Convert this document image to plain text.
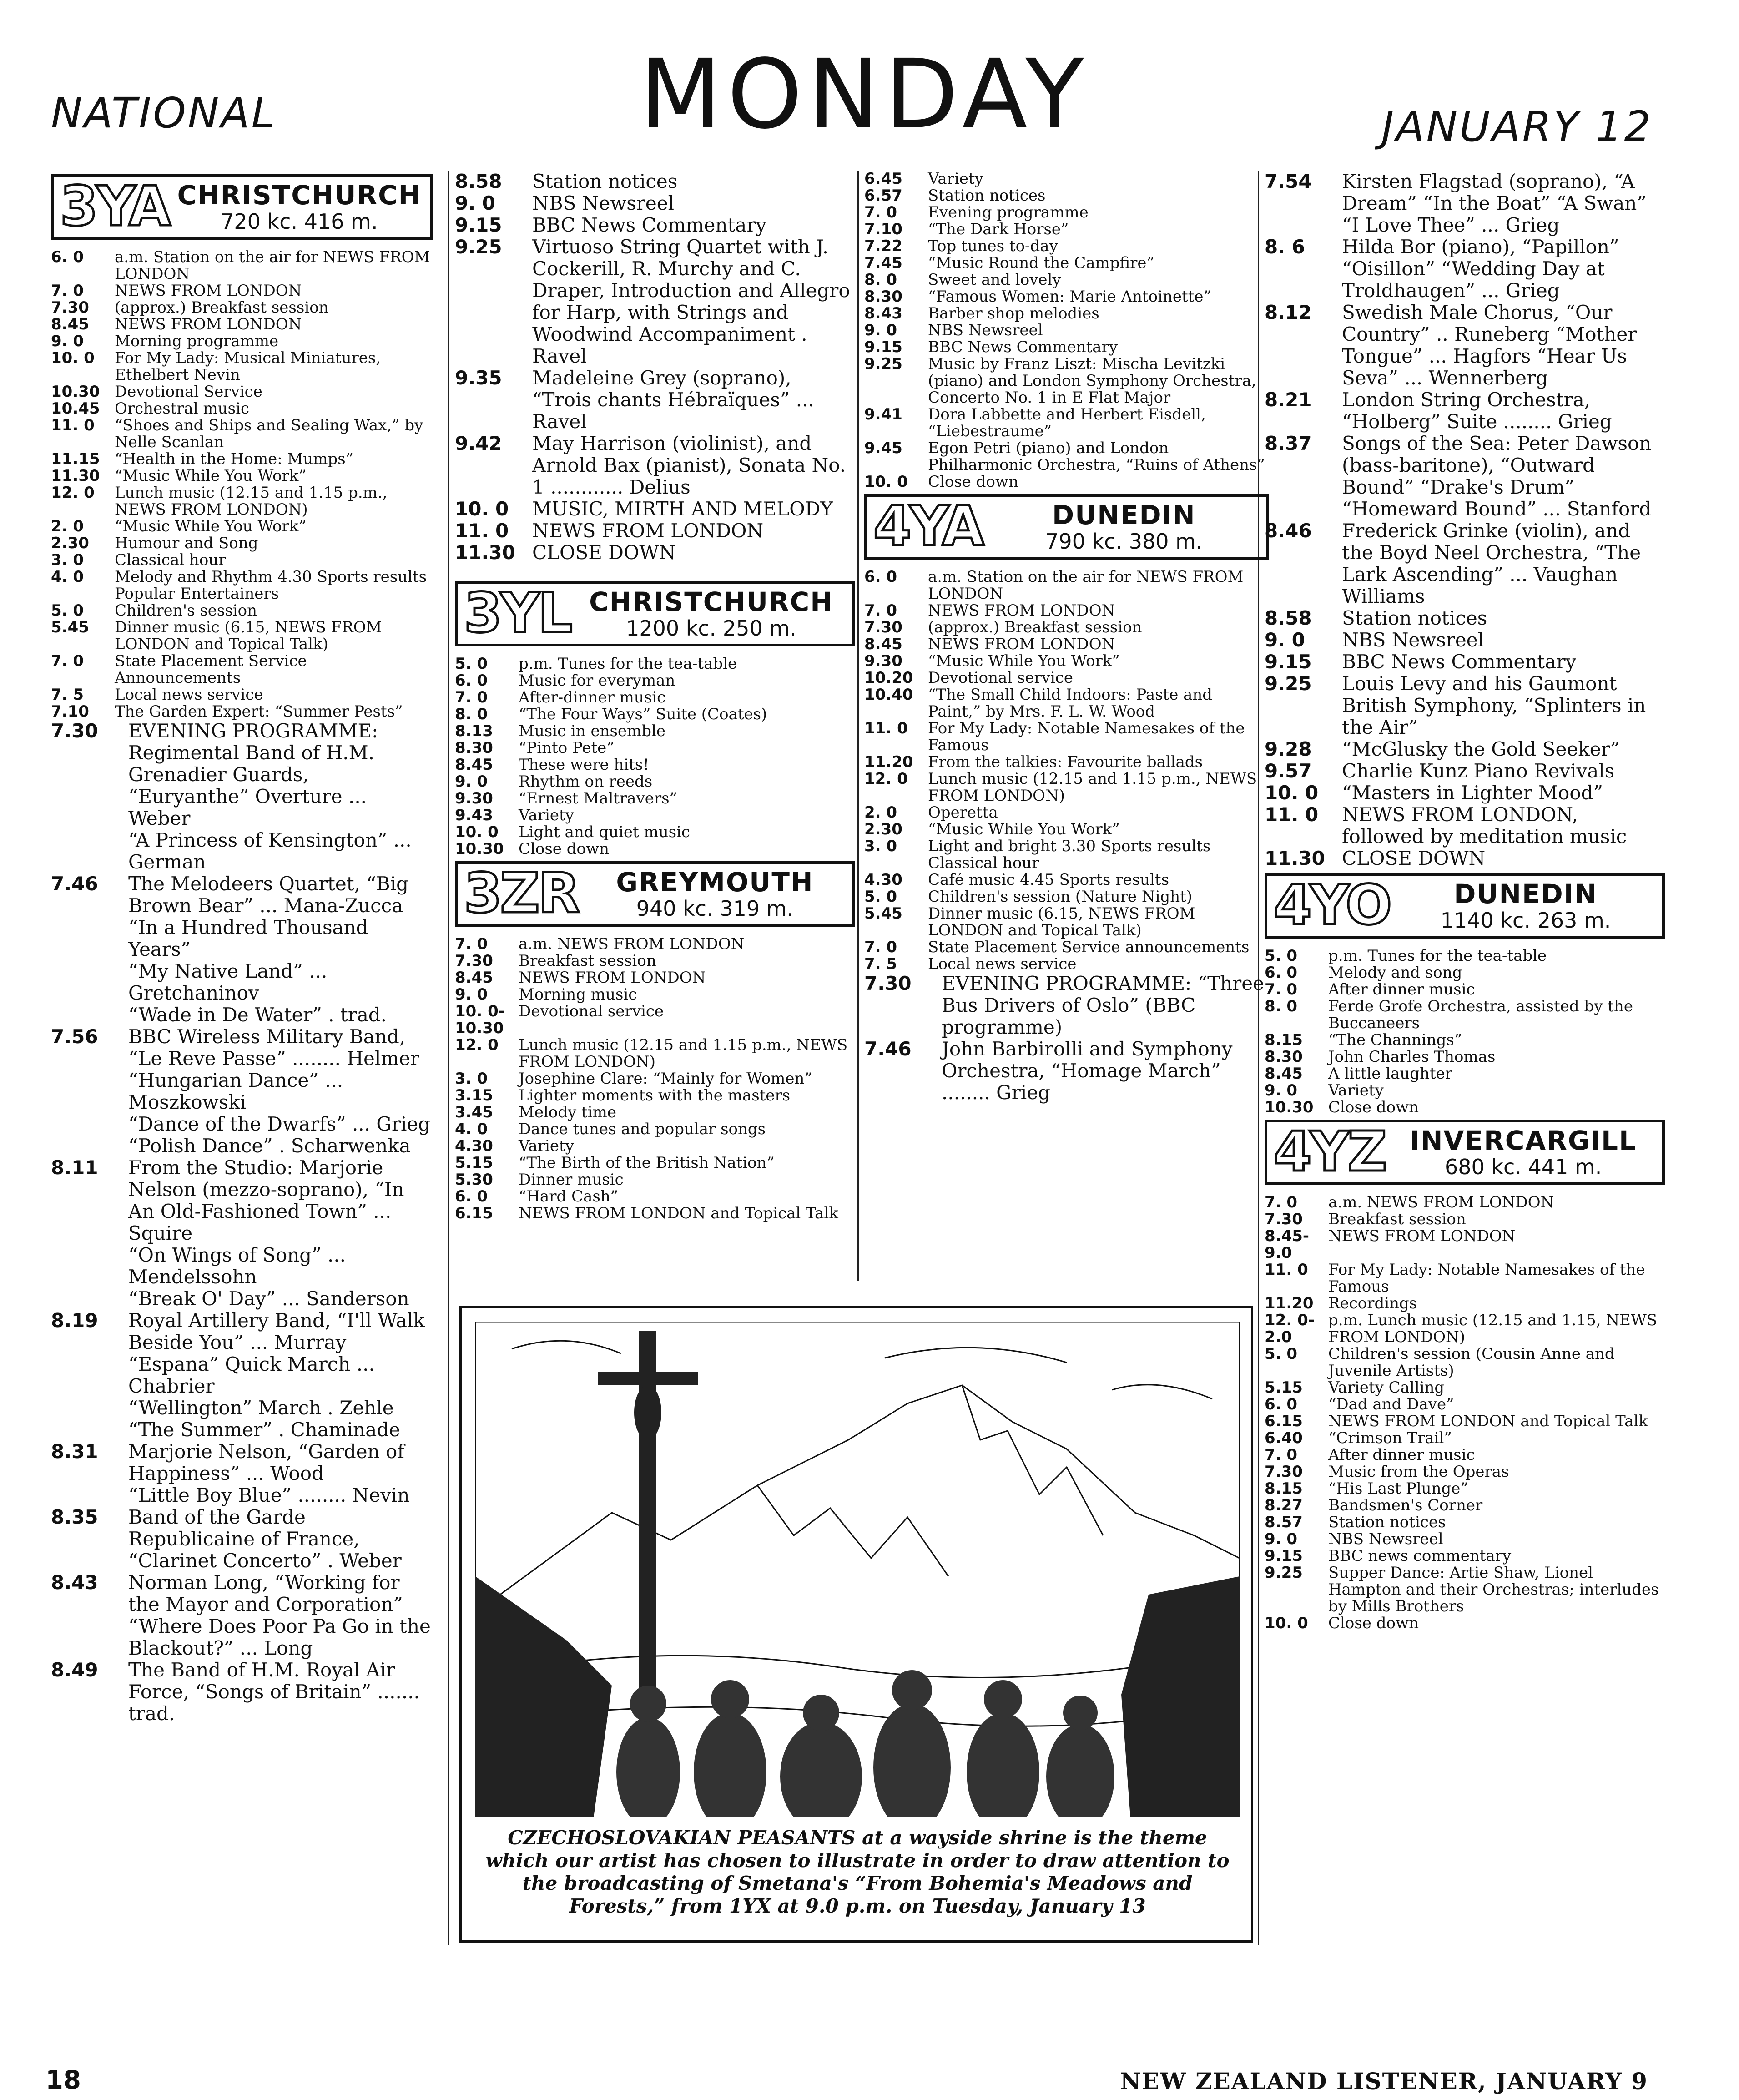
NATIONAL	MONDAY	JANUARY 12
3YA CHRISTCHURCH
720 kc. 416 m.
6. 0	a.m. Station on the air for NEWS FROM LONDON
7. 0	NEWS FROM LONDON
7.30	(approx.) Breakfast session
8.45	NEWS FROM LONDON
9. 0	Morning programme
10. 0	For My Lady: Musical Miniatures, Ethelbert Nevin
10.30 Devotional Service
10.45 Orchestral music
11. 0	“Shoes and Ships and Sealing Wax,” by Nelle Scanlan
11.15 “Health in the Home: Mumps”
11.30 “Music While You Work”
12. 0	Lunch music (12.15 and 1.15 p.m., NEWS FROM LONDON)
2. 0	“Music While You Work”
2.30	Humour and Song
3. 0	Classical hour
4. 0	Melody and Rhythm 4.30 Sports results Popular Entertainers
5. 0	Children's session
5.45	Dinner music (6.15, NEWS FROM LONDON and Topical Talk)
7. 0	State Placement Service Announcements
7. 5	Local news service
7.10	The Garden Expert: “Summer Pests”
7.30	EVENING PROGRAMME: Regimental Band of H.M. Grenadier Guards, “Euryanthe” Overture ... Weber
“A Princess of Kensington” ... German
7.46	The Melodeers Quartet, “Big Brown Bear” ... Mana-Zucca
“In a Hundred Thousand Years”
“My Native Land” ... Gretchaninov
“Wade in De Water” . trad.
7.56	BBC Wireless Military Band, “Le Reve Passe” ........ Helmer
“Hungarian Dance” ... Moszkowski
“Dance of the Dwarfs” ... Grieg
“Polish Dance” . Scharwenka
8.11	From the Studio: Marjorie Nelson (mezzo-soprano), “In An Old-Fashioned Town” ... Squire
“On Wings of Song” ... Mendelssohn
“Break O' Day” ... Sanderson
8.19	Royal Artillery Band, “I'll Walk Beside You” ... Murray
“Espana” Quick March ... Chabrier
“Wellington” March . Zehle
“The Summer” . Chaminade
8.31	Marjorie Nelson, “Garden of Happiness” ... Wood
“Little Boy Blue” ........ Nevin
8.35	Band of the Garde Republicaine of France, “Clarinet Concerto” . Weber
8.43	Norman Long, “Working for the Mayor and Corporation”
“Where Does Poor Pa Go in the Blackout?” ... Long
8.49	The Band of H.M. Royal Air Force, “Songs of Britain” ....... trad.
8.58	Station notices
9. 0	NBS Newsreel
9.15	BBC News Commentary
9.25	Virtuoso String Quartet with J. Cockerill, R. Murchy and C. Draper, Introduction and Allegro for Harp, with Strings and Woodwind Accompaniment . Ravel
9.35	Madeleine Grey (soprano), “Trois chants Hébraïques” ... Ravel
9.42	May Harrison (violinist), and Arnold Bax (pianist), Sonata No. 1 ............ Delius
10. 0	MUSIC, MIRTH AND MELODY
11. 0	NEWS FROM LONDON
11.30 CLOSE DOWN
3YL CHRISTCHURCH
1200 kc. 250 m.
5. 0	p.m. Tunes for the tea-table
6. 0	Music for everyman
7. 0	After-dinner music
8. 0	“The Four Ways” Suite (Coates)
8.13	Music in ensemble
8.30	“Pinto Pete”
8.45	These were hits!
9. 0	Rhythm on reeds
9.30	“Ernest Maltravers”
9.43	Variety
10. 0	Light and quiet music
10.30 Close down
3ZR GREYMOUTH
940 kc. 319 m.
7. 0	a.m. NEWS FROM LONDON
7.30	Breakfast session
8.45	NEWS FROM LONDON
9. 0	Morning music
10. 0-10.30
Devotional service
12. 0	Lunch music (12.15 and 1.15 p.m., NEWS FROM LONDON)
3. 0	Josephine Clare: “Mainly for Women”
3.15	Lighter moments with the masters
3.45	Melody time
4. 0	Dance tunes and popular songs
4.30	Variety
5.15	“The Birth of the British Nation”
5.30	Dinner music
6. 0	“Hard Cash”
6.15	NEWS FROM LONDON and Topical Talk
6.45	Variety
6.57	Station notices
7. 0	Evening programme
7.10	“The Dark Horse”
7.22	Top tunes to-day
7.45	“Music Round the Campfire”
8. 0	Sweet and lovely
8.30	“Famous Women: Marie Antoinette”
8.43	Barber shop melodies
9. 0	NBS Newsreel
9.15	BBC News Commentary
9.25	Music by Franz Liszt: Mischa Levitzki (piano) and London Symphony Orchestra, Concerto No. 1 in E Flat Major
9.41	Dora Labbette and Herbert Eisdell, “Liebestraume”
9.45	Egon Petri (piano) and London Philharmonic Orchestra, “Ruins of Athens”
10. 0	Close down
4YA	DUNEDIN
790 kc. 380 m.
6. 0	a.m. Station on the air for NEWS FROM LONDON
7. 0	NEWS FROM LONDON
7.30	(approx.) Breakfast session
8.45	NEWS FROM LONDON
9.30	“Music While You Work”
10.20 Devotional service
10.40 “The Small Child Indoors: Paste and Paint,” by Mrs. F. L. W. Wood
11. 0	For My Lady: Notable Namesakes of the Famous
11.20 From the talkies: Favourite ballads
12. 0	Lunch music (12.15 and 1.15 p.m., NEWS FROM LONDON)
2. 0	Operetta
2.30	“Music While You Work”
3. 0	Light and bright 3.30 Sports results Classical hour
4.30	Café music 4.45 Sports results
5. 0	Children's session (Nature Night)
5.45	Dinner music (6.15, NEWS FROM LONDON and Topical Talk)
7. 0	State Placement Service announcements
7. 5	Local news service
7.30	EVENING PROGRAMME: “Three Bus Drivers of Oslo” (BBC programme)
7.46	John Barbirolli and Symphony Orchestra, “Homage March” ........ Grieg
7.54	Kirsten Flagstad (soprano), “A Dream” “In the Boat” “A Swan” “I Love Thee” ... Grieg
8. 6	Hilda Bor (piano), “Papillon” “Oisillon” “Wedding Day at Troldhaugen” ... Grieg
8.12	Swedish Male Chorus, “Our Country” .. Runeberg “Mother Tongue” ... Hagfors “Hear Us Seva” ... Wennerberg
8.21	London String Orchestra, “Holberg” Suite ........ Grieg
8.37	Songs of the Sea: Peter Dawson (bass-baritone), “Outward Bound” “Drake's Drum” “Homeward Bound” ... Stanford
8.46	Frederick Grinke (violin), and the Boyd Neel Orchestra, “The Lark Ascending” ... Vaughan Williams
8.58	Station notices
9. 0	NBS Newsreel
9.15	BBC News Commentary
9.25	Louis Levy and his Gaumont British Symphony, “Splinters in the Air”
9.28	“McGlusky the Gold Seeker”
9.57	Charlie Kunz Piano Revivals
10. 0	“Masters in Lighter Mood”
11. 0	NEWS FROM LONDON, followed by meditation music
11.30 CLOSE DOWN
4YO DUNEDIN
1140 kc. 263 m.
5. 0	p.m. Tunes for the tea-table
6. 0	Melody and song
7. 0	After dinner music
8. 0	Ferde Grofe Orchestra, assisted by the Buccaneers
8.15	“The Channings”
8.30	John Charles Thomas
8.45	A little laughter
9. 0	Variety
10.30 Close down
4YZ INVERCARGILL
680 kc. 441 m.
7. 0	a.m. NEWS FROM LONDON
7.30	Breakfast session
8.45-9.0
NEWS FROM LONDON
11. 0	For My Lady: Notable Namesakes of the Famous
11.20 Recordings
12. 0-2.0
p.m. Lunch music (12.15 and 1.15, NEWS FROM LONDON)
5. 0	Children's session (Cousin Anne and Juvenile Artists)
5.15	Variety Calling
6. 0	“Dad and Dave”
6.15	NEWS FROM LONDON and Topical Talk
6.40	“Crimson Trail”
7. 0	After dinner music
7.30	Music from the Operas
8.15	“His Last Plunge”
8.27	Bandsmen's Corner
8.57	Station notices
9. 0	NBS Newsreel
9.15	BBC news commentary
9.25	Supper Dance: Artie Shaw, Lionel Hampton and their Orchestras; interludes by Mills Brothers
10. 0	Close down
CZECHOSLOVAKIAN PEASANTS at a wayside shrine is the theme which our artist has chosen to illustrate in order to draw attention to the broadcasting of Smetana's “From Bohemia's Meadows and Forests,” from 1YX at 9.0 p.m. on Tuesday, January 13
18	NEW ZEALAND LISTENER, JANUARY 9
